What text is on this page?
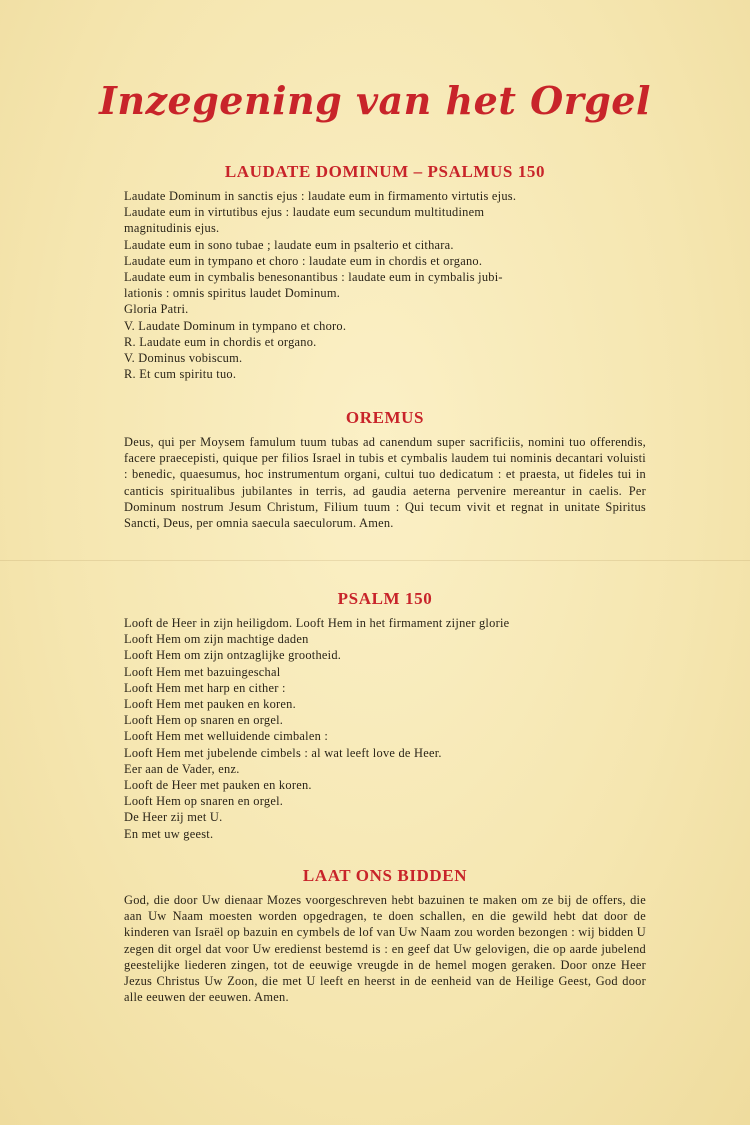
Inzegening van het Orgel
LAUDATE DOMINUM – PSALMUS 150
Laudate Dominum in sanctis ejus : laudate eum in firmamento virtutis ejus.
Laudate eum in virtutibus ejus : laudate eum secundum multitudinem
magnitudinis ejus.
Laudate eum in sono tubae ; laudate eum in psalterio et cithara.
Laudate eum in tympano et choro : laudate eum in chordis et organo.
Laudate eum in cymbalis benesonantibus : laudate eum in cymbalis jubi-
lationis : omnis spiritus laudet Dominum.
Gloria Patri.
V. Laudate Dominum in tympano et choro.
R. Laudate eum in chordis et organo.
V. Dominus vobiscum.
R. Et cum spiritu tuo.
OREMUS
Deus, qui per Moysem famulum tuum tubas ad canendum super sacrificiis, nomini tuo offerendis, facere praecepisti, quique per filios Israel in tubis et cymbalis laudem tui nominis decantari voluisti : benedic, quaesumus, hoc instrumentum organi, cultui tuo dedicatum : et praesta, ut fideles tui in canticis spiritualibus jubilantes in terris, ad gaudia aeterna pervenire mereantur in caelis. Per Dominum nostrum Jesum Christum, Filium tuum : Qui tecum vivit et regnat in unitate Spiritus Sancti, Deus, per omnia saecula saeculorum. Amen.
PSALM 150
Looft de Heer in zijn heiligdom. Looft Hem in het firmament zijner glorie
Looft Hem om zijn machtige daden
Looft Hem om zijn ontzaglijke grootheid.
Looft Hem met bazuingeschal
Looft Hem met harp en cither :
Looft Hem met pauken en koren.
Looft Hem op snaren en orgel.
Looft Hem met welluidende cimbalen :
Looft Hem met jubelende cimbels : al wat leeft love de Heer.
Eer aan de Vader, enz.
Looft de Heer met pauken en koren.
Looft Hem op snaren en orgel.
De Heer zij met U.
En met uw geest.
LAAT ONS BIDDEN
God, die door Uw dienaar Mozes voorgeschreven hebt bazuinen te maken om ze bij de offers, die aan Uw Naam moesten worden opgedragen, te doen schallen, en die gewild hebt dat door de kinderen van Israël op bazuin en cymbels de lof van Uw Naam zou worden bezongen : wij bidden U zegen dit orgel dat voor Uw eredienst bestemd is : en geef dat Uw gelovigen, die op aarde jubelend geestelijke liederen zingen, tot de eeuwige vreugde in de hemel mogen geraken. Door onze Heer Jezus Christus Uw Zoon, die met U leeft en heerst in de eenheid van de Heilige Geest, God door alle eeuwen der eeuwen. Amen.
